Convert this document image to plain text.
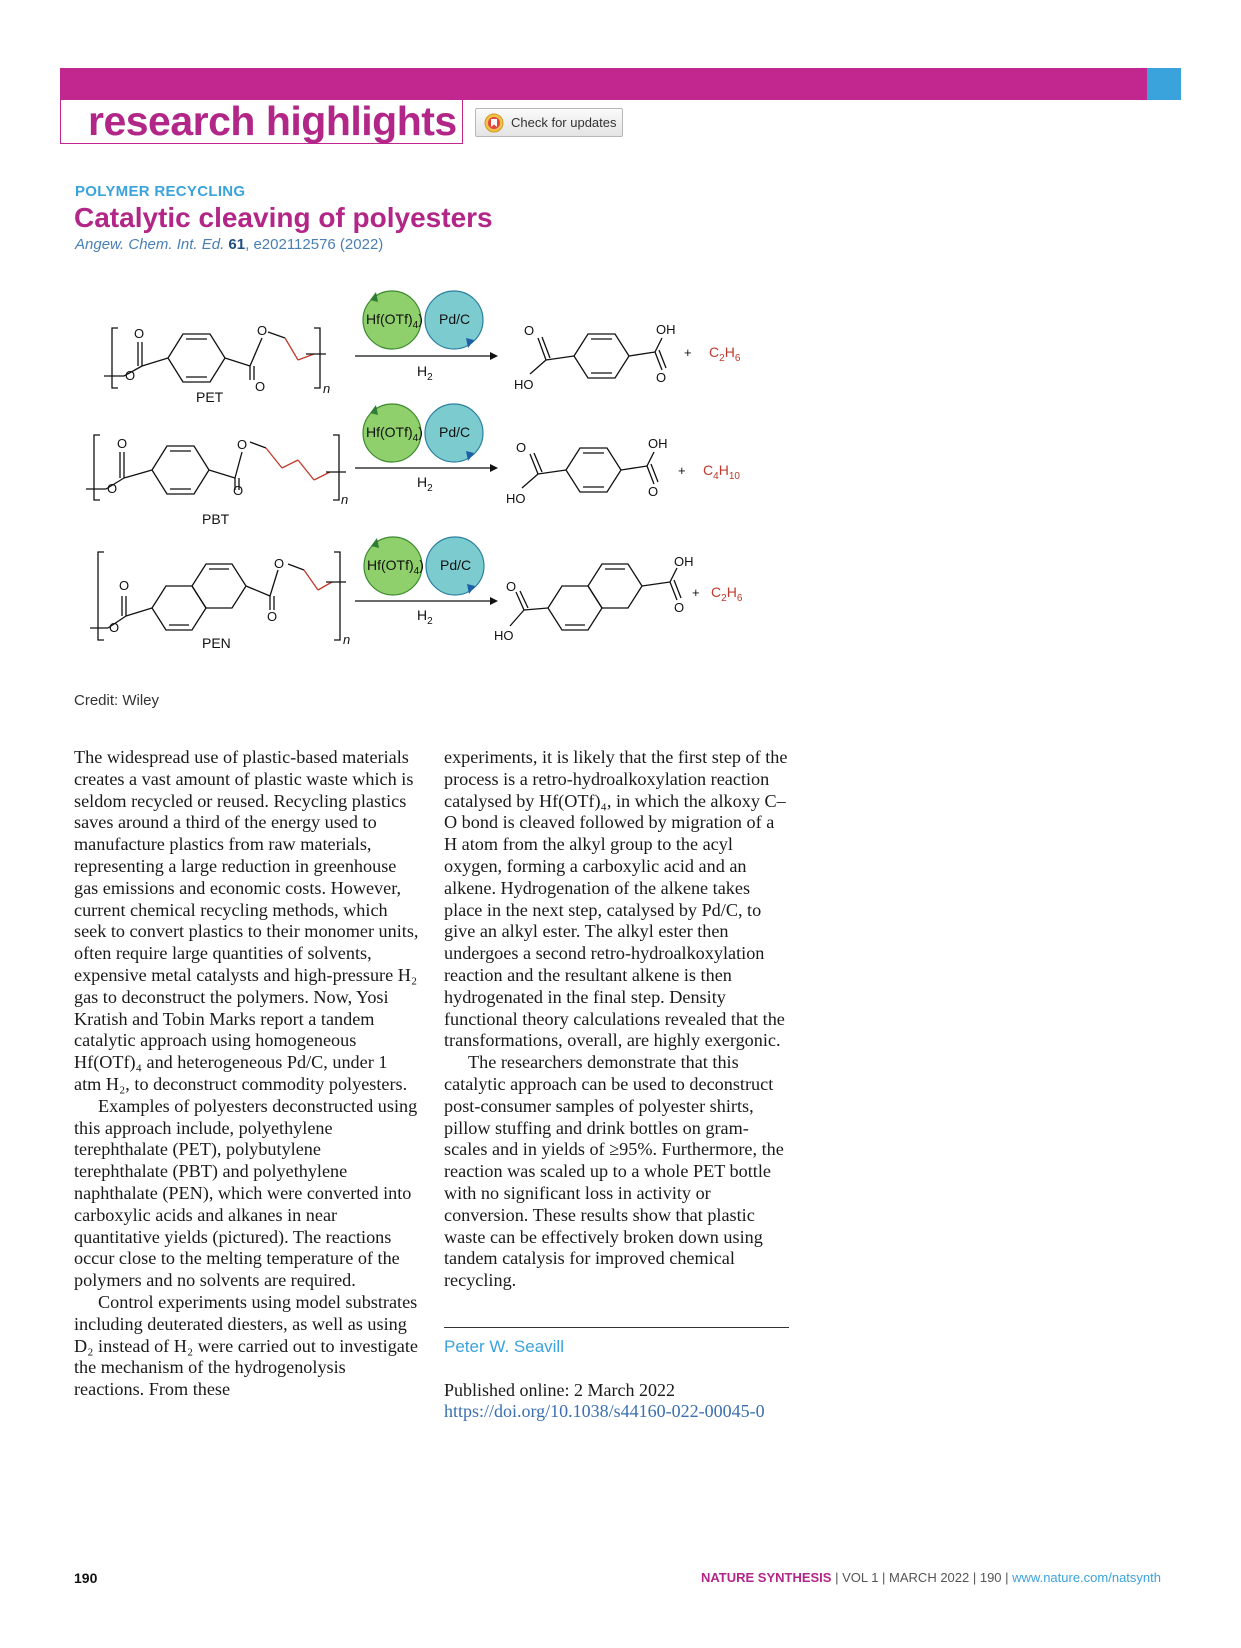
research highlights	Check for updates
POLYMER RECYCLING
Catalytic cleaving of polyesters
Angew. Chem. Int. Ed. 61, e202112576 (2022)
O
O
O
O
n
PET
O
O
O
O
n
PBT
O
O
O
O
n
PEN
$Hf(OTf)_4$) Pd/C
$H_2$
$Hf(OTf)_4$) Pd/C
$H_2$
$Hf(OTf)_4$) Pd/C
$H_2$
O
HO
OH
O
+ $C_2H_6$
O
HO
OH
O
+ $C_4H_{10}$
O
HO
OH
O
+ $C_2H_6$
Credit: Wiley

The widespread use of plastic-based materials creates a vast amount of plastic waste which is seldom recycled or reused. Recycling plastics saves around a third of the energy used to manufacture plastics from raw materials, representing a large reduction in greenhouse gas emissions and economic costs. However, current chemical recycling methods, which seek to convert plastics to their monomer units, often require large quantities of solvents, expensive metal catalysts and high-pressure H₂ gas to deconstruct the polymers. Now, Yosi Kratish and Tobin Marks report a tandem catalytic approach using homogeneous Hf(OTf)₄ and heterogeneous Pd/C, under 1 atm H₂, to deconstruct commodity polyesters.

Examples of polyesters deconstructed using this approach include, polyethylene terephthalate (PET), polybutylene terephthalate (PBT) and polyethylene naphthalate (PEN), which were converted into carboxylic acids and alkanes in near quantitative yields (pictured). The reactions occur close to the melting temperature of the polymers and no solvents are required.

Control experiments using model substrates including deuterated diesters, as well as using D₂ instead of H₂ were carried out to investigate the mechanism of the hydrogenolysis reactions. From these

experiments, it is likely that the first step of the process is a retro-hydroalkoxylation reaction catalysed by Hf(OTf)₄, in which the alkoxy C–O bond is cleaved followed by migration of a H atom from the alkyl group to the acyl oxygen, forming a carboxylic acid and an alkene. Hydrogenation of the alkene takes place in the next step, catalysed by Pd/C, to give an alkyl ester. The alkyl ester then undergoes a second retro-hydroalkoxylation reaction and the resultant alkene is then hydrogenated in the final step. Density functional theory calculations revealed that the transformations, overall, are highly exergonic.

The researchers demonstrate that this catalytic approach can be used to deconstruct post-consumer samples of polyester shirts, pillow stuffing and drink bottles on gram-scales and in yields of ≥95%. Furthermore, the reaction was scaled up to a whole PET bottle with no significant loss in activity or conversion. These results show that plastic waste can be effectively broken down using tandem catalysis for improved chemical recycling.

Peter W. Seavill
Published online: 2 March 2022
https://doi.org/10.1038/s44160-022-00045-0
190	NATURE SYNTHESIS | VOL 1 | MARCH 2022 | 190 | www.nature.com/natsynth
